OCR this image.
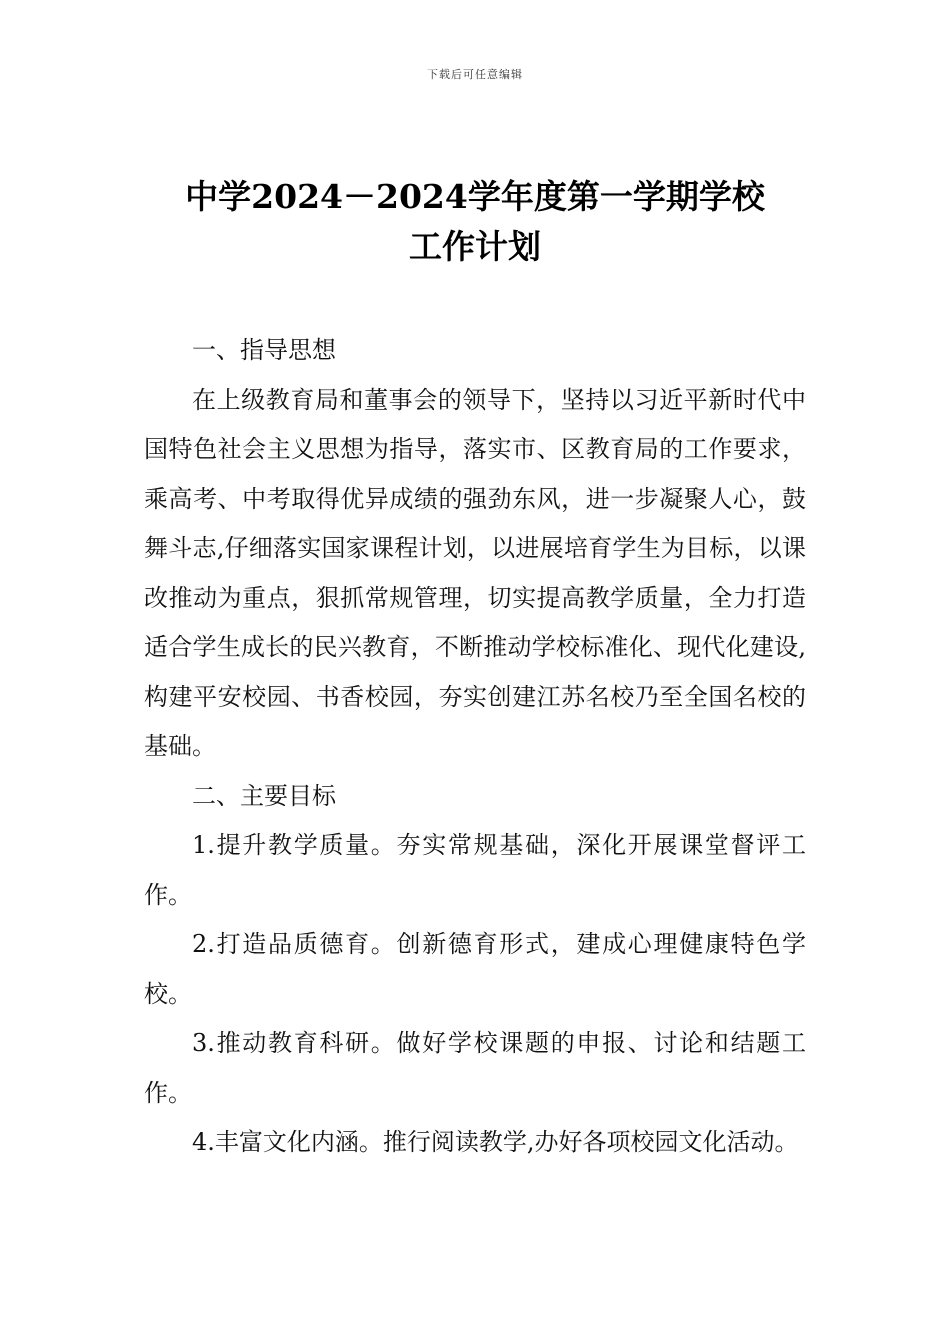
下载后可任意编辑
中学2024－2024学年度第一学期学校
工作计划

一、指导思想

在上级教育局和董事会的领导下，坚持以习近平新时代中国特色社会主义思想为指导，落实市、区教育局的工作要求，乘高考、中考取得优异成绩的强劲东风，进一步凝聚人心，鼓舞斗志,仔细落实国家课程计划，以进展培育学生为目标，以课改推动为重点，狠抓常规管理，切实提高教学质量，全力打造适合学生成长的民兴教育，不断推动学校标准化、现代化建设,构建平安校园、书香校园，夯实创建江苏名校乃至全国名校的基础。

二、主要目标

1.提升教学质量。夯实常规基础，深化开展课堂督评工作。

2.打造品质德育。创新德育形式，建成心理健康特色学校。

3.推动教育科研。做好学校课题的申报、讨论和结题工作。

4.丰富文化内涵。推行阅读教学,办好各项校园文化活动。
